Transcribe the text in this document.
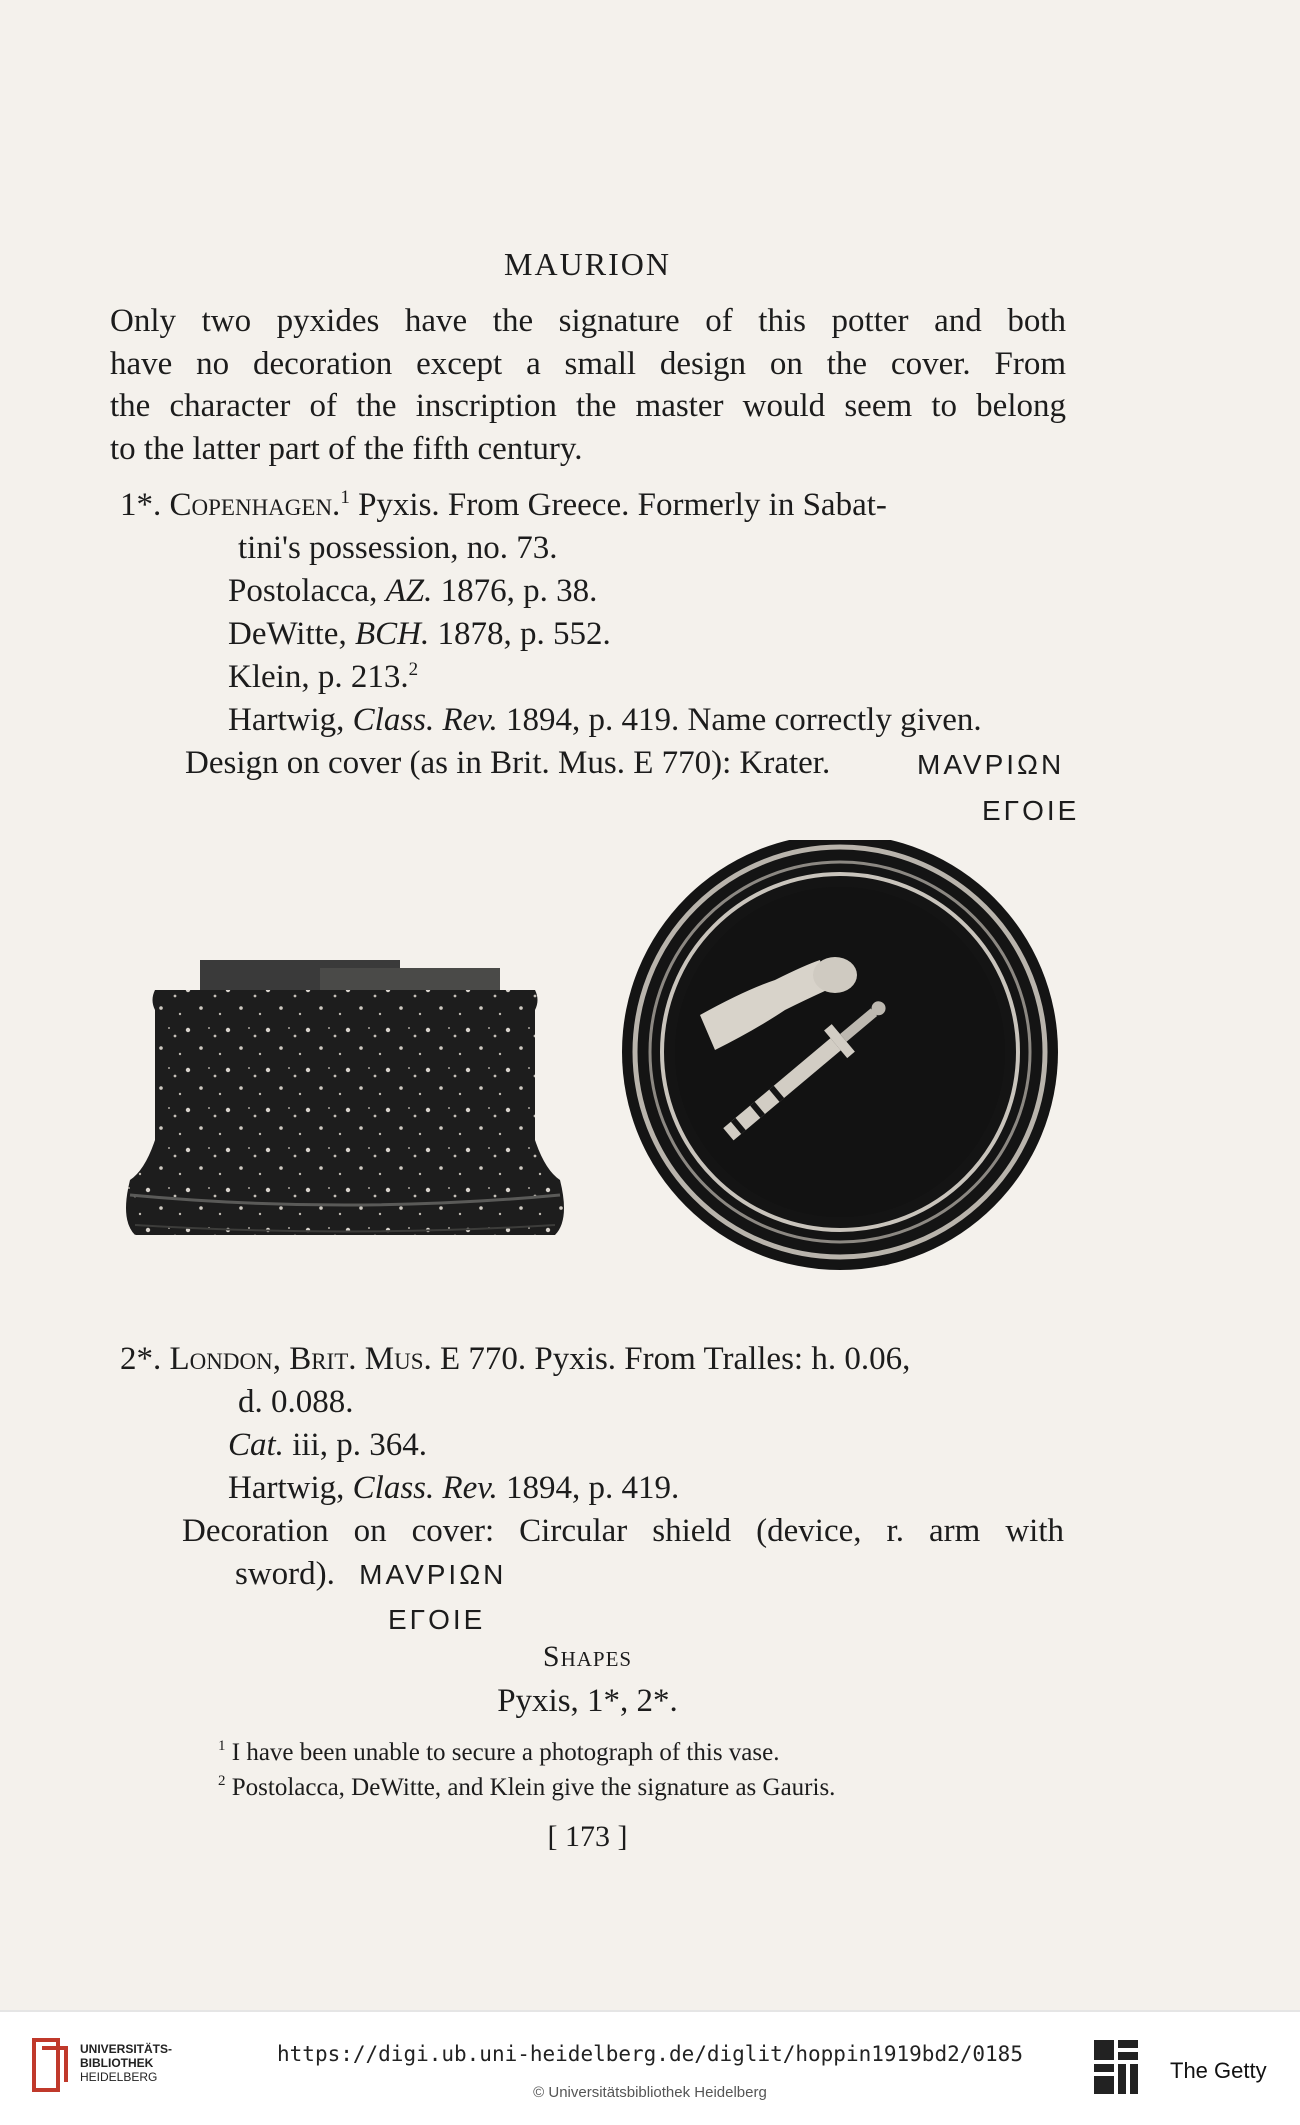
MAURION
Only two pyxides have the signature of this potter and both
have no decoration except a small design on the cover. From
the character of the inscription the master would seem to belong
to the latter part of the fifth century.
1*. Copenhagen.$^1$ Pyxis. From Greece. Formerly in Sabat-
tini's possession, no. 73.
Postolacca, AZ. 1876, p. 38.
DeWitte, BCH. 1878, p. 552.
Klein, p. 213.$^2$
Hartwig, Class. Rev. 1894, p. 419. Name correctly given.
Design on cover (as in Brit. Mus. E 770): Krater.	MAVPIΩN
EΓOIE
2*. London, Brit. Mus. E 770. Pyxis. From Tralles: h. 0.06,
d. 0.088.
Cat. iii, p. 364.
Hartwig, Class. Rev. 1894, p. 419.
Decoration on cover: Circular shield (device, r. arm with
sword). MAVPIΩN
EΓOIE
Shapes
Pyxis, 1*, 2*.
$^1$ I have been unable to secure a photograph of this vase.
$^2$ Postolacca, DeWitte, and Klein give the signature as Gauris.
[ 173 ]
UNIVERSITÄTS-
BIBLIOTHEK
HEIDELBERG
https://digi.ub.uni-heidelberg.de/diglit/hoppin1919bd2/0185
© Universitätsbibliothek Heidelberg
The Getty
